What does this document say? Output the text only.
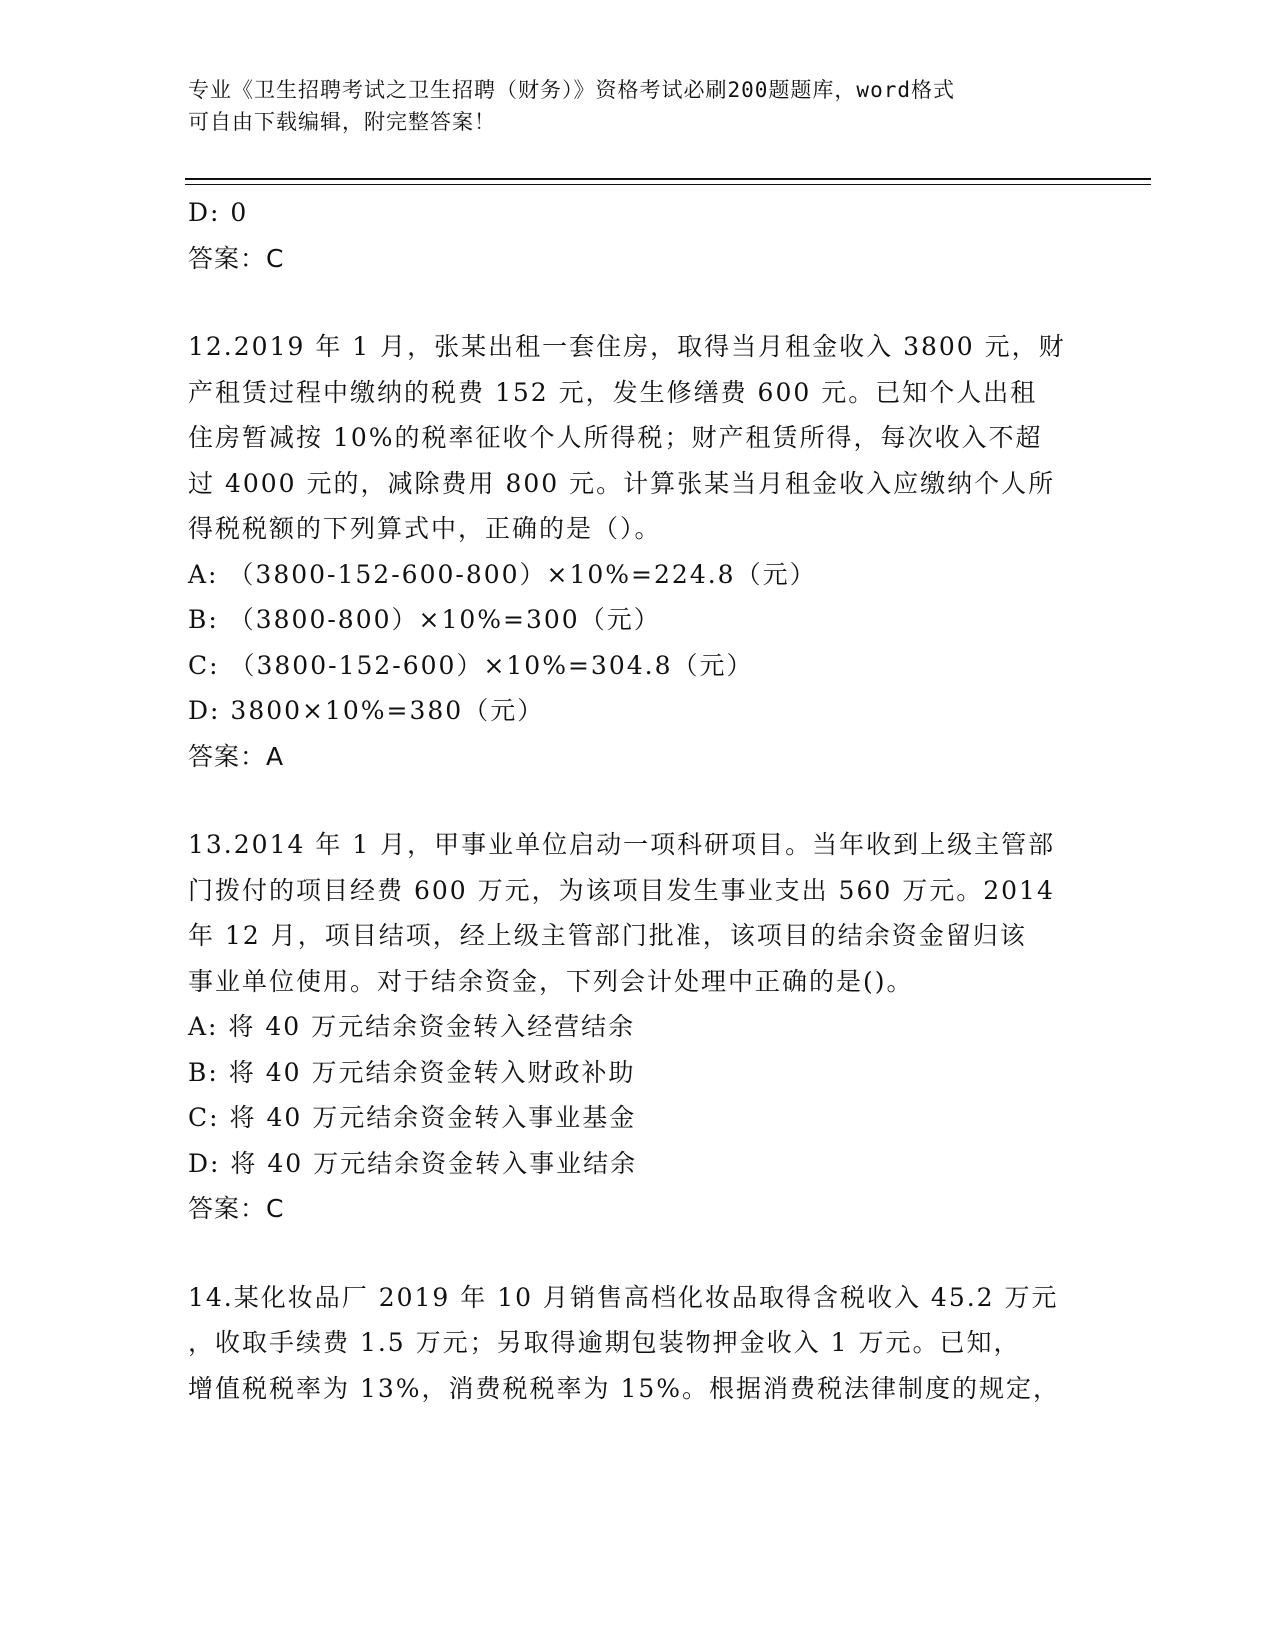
专业《卫生招聘考试之卫生招聘（财务）》资格考试必刷200题题库，word格式
可自由下载编辑，附完整答案！
D: 0
答案：C
12.2019 年 1 月，张某出租一套住房，取得当月租金收入 3800 元，财
产租赁过程中缴纳的税费 152 元，发生修缮费 600 元。已知个人出租
住房暂减按 10%的税率征收个人所得税；财产租赁所得，每次收入不超
过 4000 元的，减除费用 800 元。计算张某当月租金收入应缴纳个人所
得税税额的下列算式中，正确的是（）。
A: （3800-152-600-800）×10%=224.8（元）
B: （3800-800）×10%=300（元）
C: （3800-152-600）×10%=304.8（元）
D: 3800×10%=380（元）
答案：A
13.2014 年 1 月，甲事业单位启动一项科研项目。当年收到上级主管部
门拨付的项目经费 600 万元，为该项目发生事业支出 560 万元。2014
年 12 月，项目结项，经上级主管部门批准，该项目的结余资金留归该
事业单位使用。对于结余资金，下列会计处理中正确的是()。
A: 将 40 万元结余资金转入经营结余
B: 将 40 万元结余资金转入财政补助
C: 将 40 万元结余资金转入事业基金
D: 将 40 万元结余资金转入事业结余
答案：C
14.某化妆品厂 2019 年 10 月销售高档化妆品取得含税收入 45.2 万元
，收取手续费 1.5 万元；另取得逾期包装物押金收入 1 万元。已知，
增值税税率为 13%，消费税税率为 15%。根据消费税法律制度的规定，
